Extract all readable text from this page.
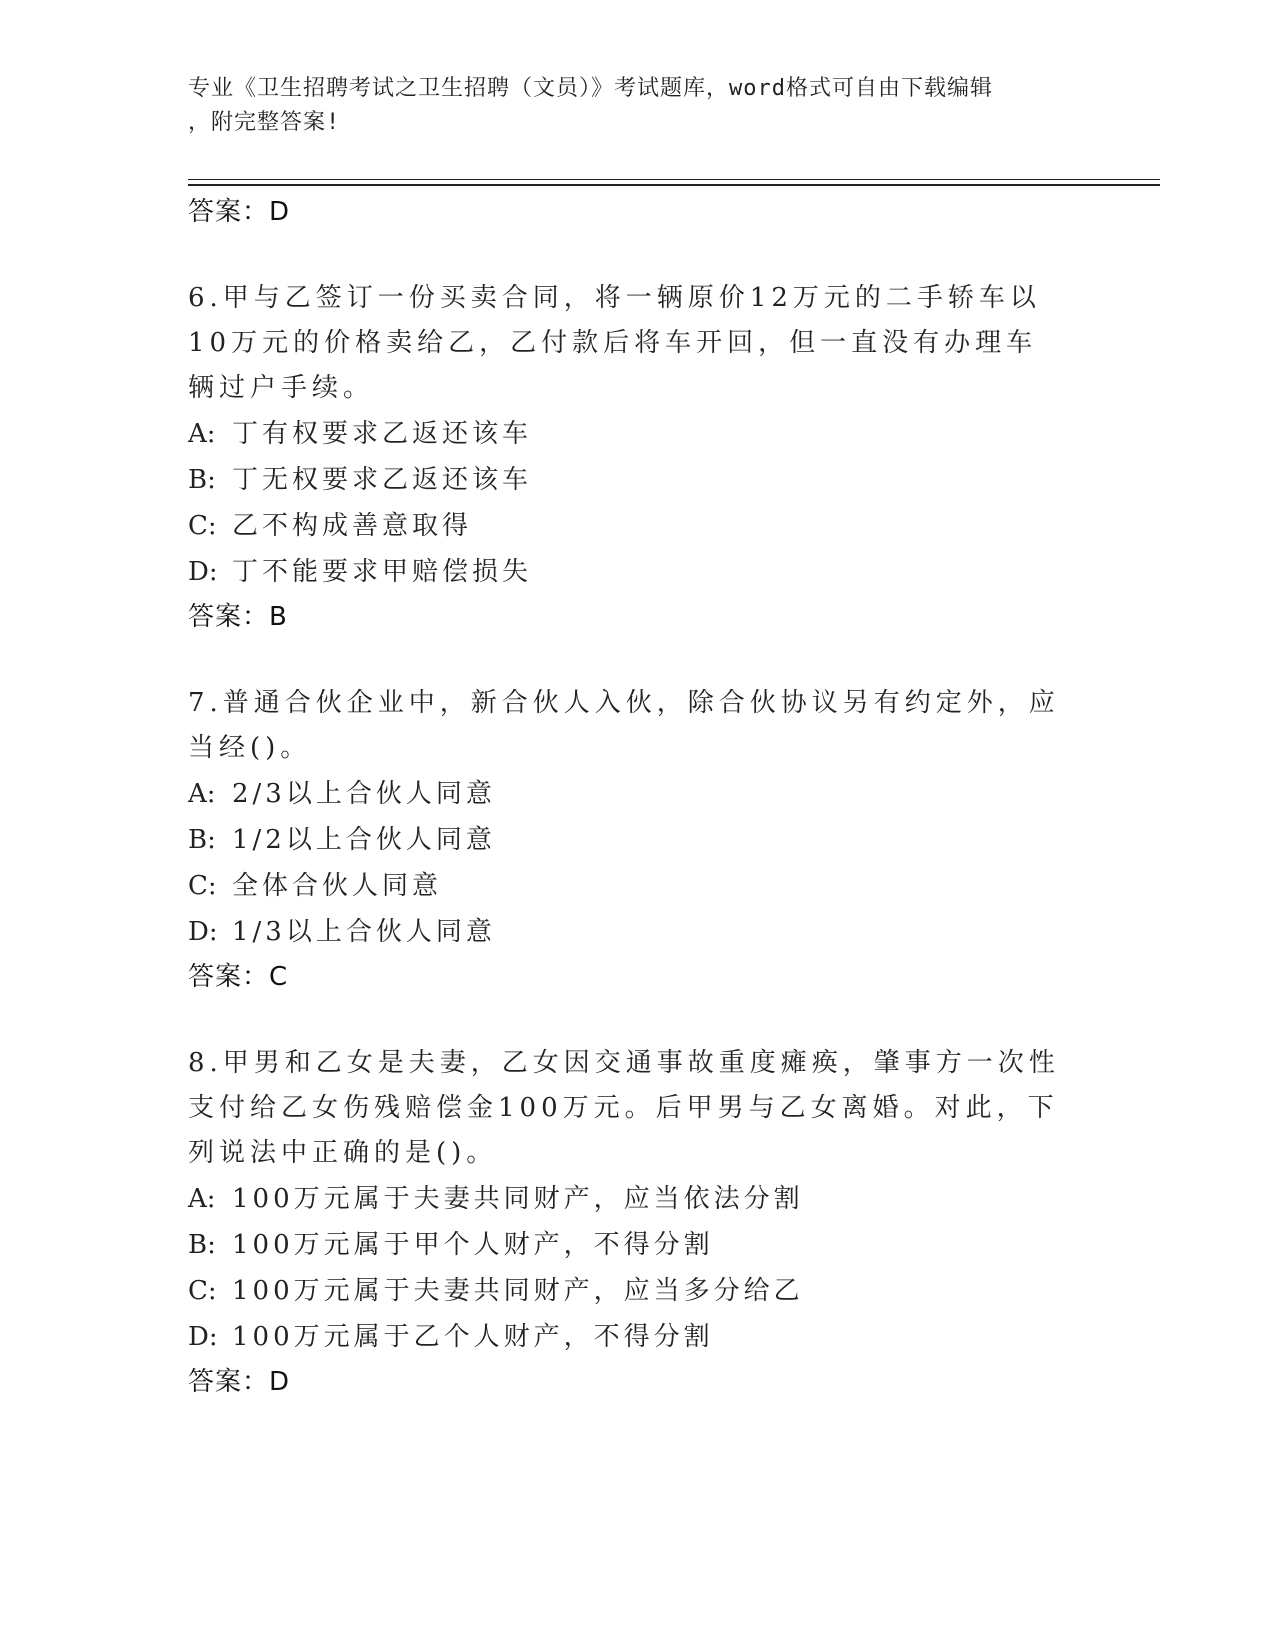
专业《卫生招聘考试之卫生招聘（文员）》考试题库，word格式可自由下载编辑
，附完整答案!
答案：D
6.甲与乙签订一份买卖合同，将一辆原价12万元的二手轿车以10万元的价格卖给乙，乙付款后将车开回，但一直没有办理车辆过户手续。
A: 丁有权要求乙返还该车
B: 丁无权要求乙返还该车
C: 乙不构成善意取得
D: 丁不能要求甲赔偿损失
答案：B
7.普通合伙企业中，新合伙人入伙，除合伙协议另有约定外，应当经()。
A: 2/3以上合伙人同意
B: 1/2以上合伙人同意
C: 全体合伙人同意
D: 1/3以上合伙人同意
答案：C
8.甲男和乙女是夫妻，乙女因交通事故重度瘫痪，肇事方一次性支付给乙女伤残赔偿金100万元。后甲男与乙女离婚。对此，下列说法中正确的是()。
A: 100万元属于夫妻共同财产，应当依法分割
B: 100万元属于甲个人财产，不得分割
C: 100万元属于夫妻共同财产，应当多分给乙
D: 100万元属于乙个人财产，不得分割
答案：D
